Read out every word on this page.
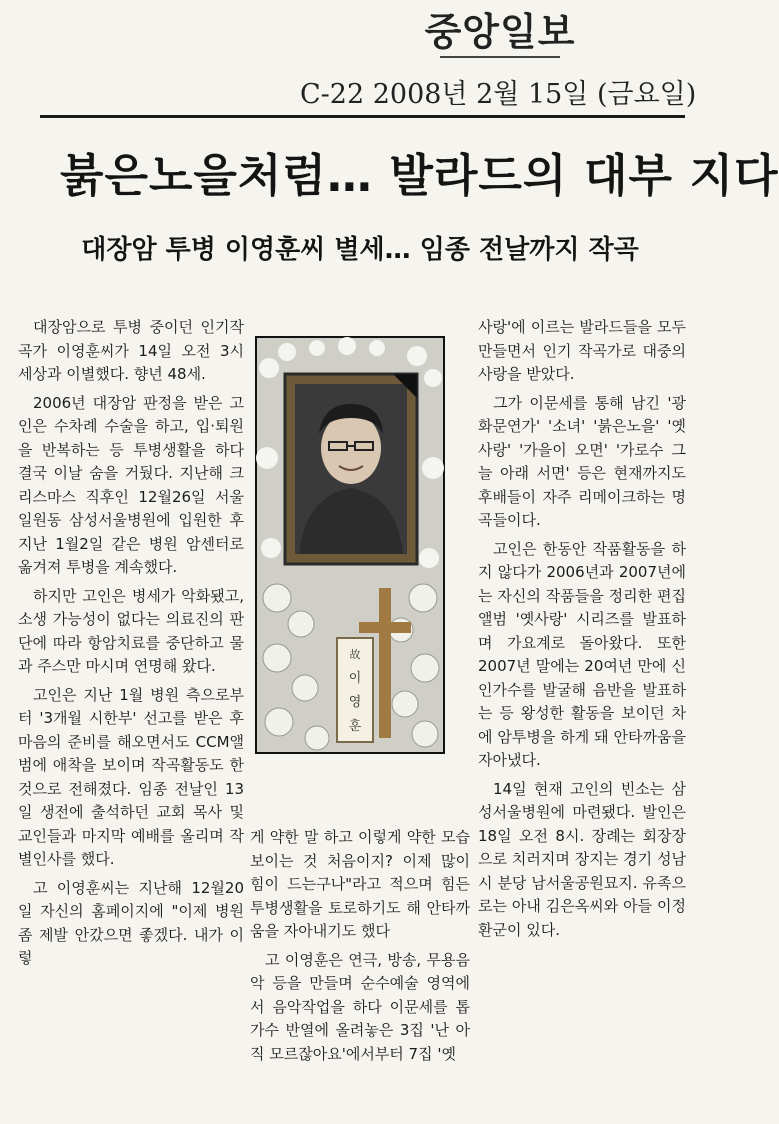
중앙일보
C-22 2008년 2월 15일 (금요일)
붉은노을처럼… 발라드의 대부 지다
대장암 투병 이영훈씨 별세… 임종 전날까지 작곡

대장암으로 투병 중이던 인기작곡가 이영훈씨가 14일 오전 3시 세상과 이별했다. 향년 48세.

2006년 대장암 판정을 받은 고인은 수차례 수술을 하고, 입·퇴원을 반복하는 등 투병생활을 하다 결국 이날 숨을 거뒀다. 지난해 크리스마스 직후인 12월26일 서울 일원동 삼성서울병원에 입원한 후 지난 1월2일 같은 병원 암센터로 옮겨져 투병을 계속했다.

하지만 고인은 병세가 악화됐고, 소생 가능성이 없다는 의료진의 판단에 따라 항암치료를 중단하고 물과 주스만 마시며 연명해 왔다.

고인은 지난 1월 병원 측으로부터 '3개월 시한부' 선고를 받은 후 마음의 준비를 해오면서도 CCM앨범에 애착을 보이며 작곡활동도 한 것으로 전해졌다. 임종 전날인 13일 생전에 출석하던 교회 목사 및 교인들과 마지막 예배를 올리며 작별인사를 했다.

고 이영훈씨는 지난해 12월20일 자신의 홈페이지에 "이제 병원 좀 제발 안갔으면 좋겠다. 내가 이렇

故
이
영
훈

게 약한 말 하고 이렇게 약한 모습 보이는 것 처음이지? 이제 많이 힘이 드는구나"라고 적으며 힘든 투병생활을 토로하기도 해 안타까움을 자아내기도 했다

고 이영훈은 연극, 방송, 무용음악 등을 만들며 순수예술 영역에서 음악작업을 하다 이문세를 톱가수 반열에 올려놓은 3집 '난 아직 모르잖아요'에서부터 7집 '옛

사랑'에 이르는 발라드들을 모두 만들면서 인기 작곡가로 대중의 사랑을 받았다.

그가 이문세를 통해 남긴 '광화문연가' '소녀' '붉은노을' '옛사랑' '가을이 오면' '가로수 그늘 아래 서면' 등은 현재까지도 후배들이 자주 리메이크하는 명곡들이다.

고인은 한동안 작품활동을 하지 않다가 2006년과 2007년에는 자신의 작품들을 정리한 편집앨범 '옛사랑' 시리즈를 발표하며 가요계로 돌아왔다. 또한 2007년 말에는 20여년 만에 신인가수를 발굴해 음반을 발표하는 등 왕성한 활동을 보이던 차에 암투병을 하게 돼 안타까움을 자아냈다.

14일 현재 고인의 빈소는 삼성서울병원에 마련됐다. 발인은 18일 오전 8시. 장례는 회장장으로 치러지며 장지는 경기 성남시 분당 남서울공원묘지. 유족으로는 아내 김은옥씨와 아들 이정환군이 있다.
